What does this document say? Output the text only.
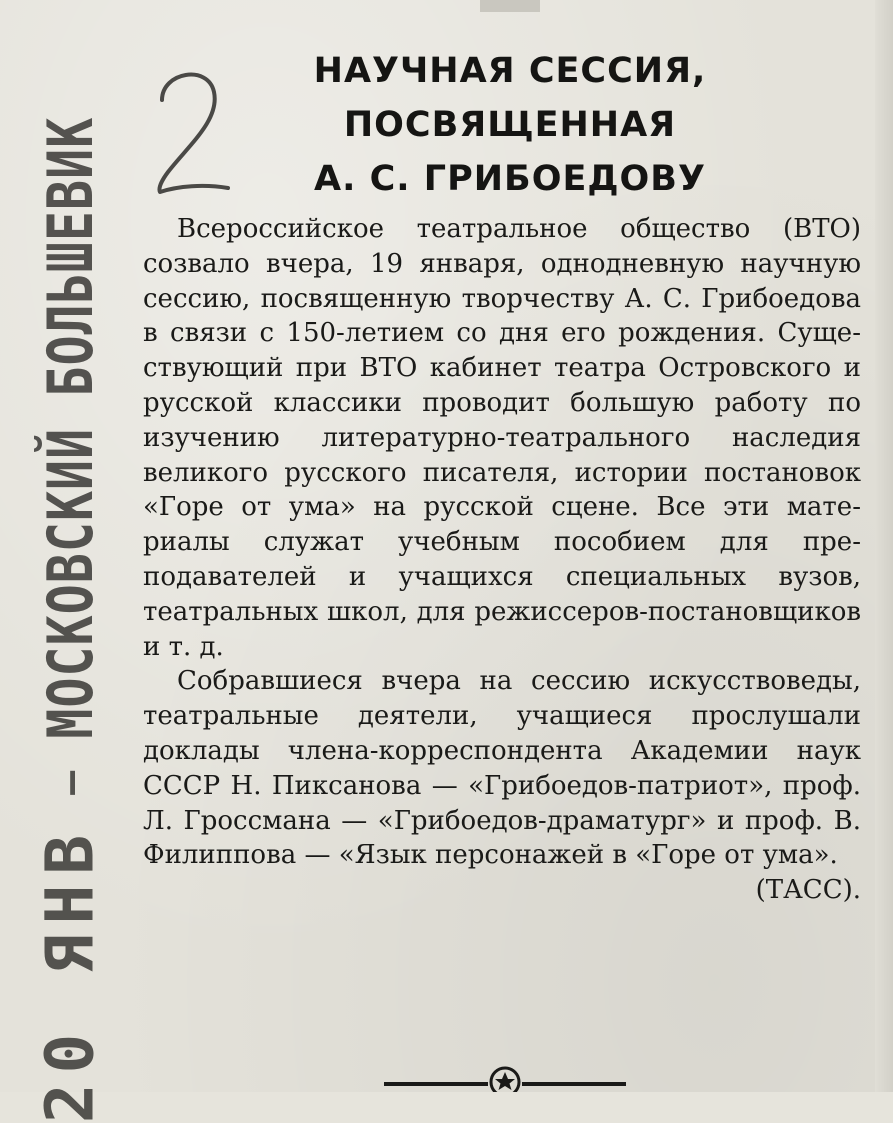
20 ЯНВ
–
МОСКОВСКИЙ БОЛЬШЕВИК
НАУЧНАЯ СЕССИЯ,
ПОСВЯЩЕННАЯ
А. С. ГРИБОЕДОВУ

Всероссийское театральное общество (ВТО) созвало вчера, 19 января, однодневную научную сессию, посвященную творчеству А. С. Грибоедова в связи с 150-летием со дня его рождения. Существующий при ВТО кабинет театра Островского и русской классики проводит большую работу по изучению литературно-театрального наследия великого русского писателя, истории постановок «Горе от ума» на русской сцене. Все эти материалы служат учебным пособием для преподавателей и учащихся специальных вузов, театральных школ, для режиссеров-постановщиков и т. д.

Собравшиеся вчера на сессию искусствоведы, театральные деятели, учащиеся прослушали доклады члена-корреспондента Академии наук СССР Н. Пиксанова — «Грибоедов-патриот», проф. Л. Гроссмана — «Грибоедов-драматург» и проф. В. Филиппова — «Язык персонажей в «Горе от ума».
(ТАСС).
